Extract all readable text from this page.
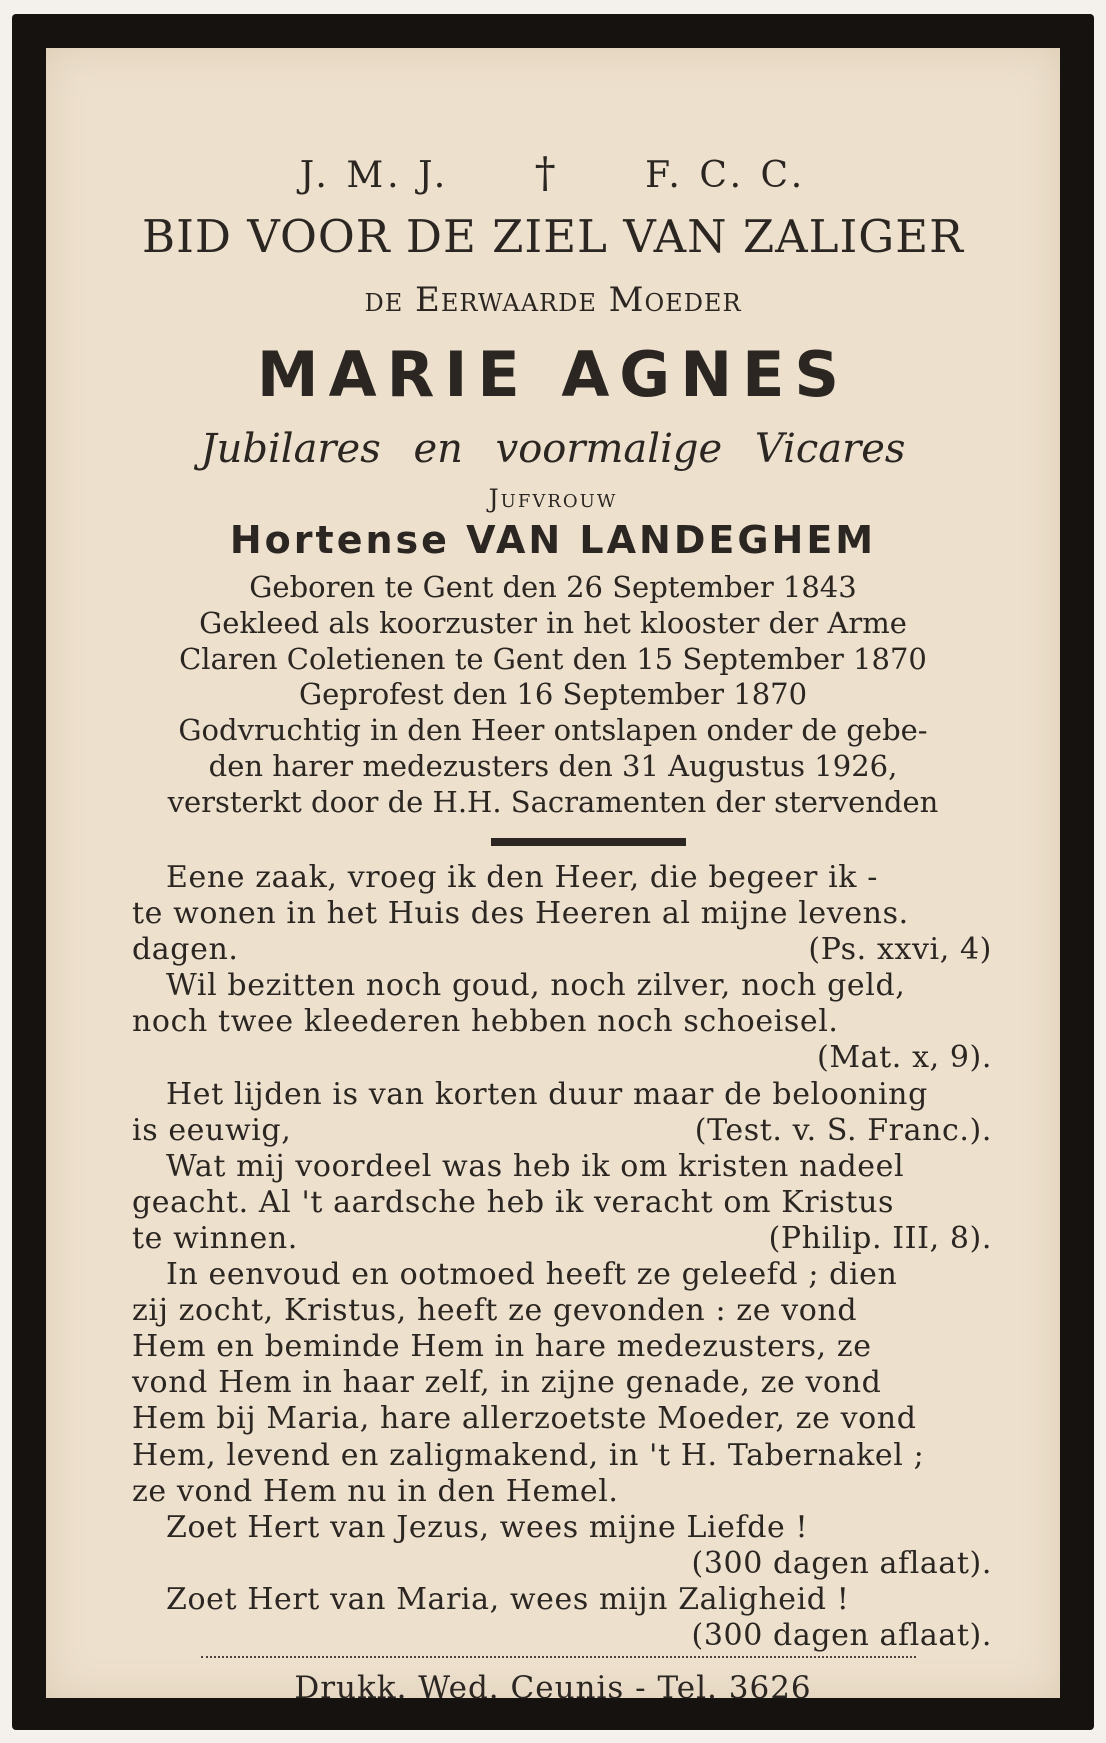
J. M. J. † F. C. C.
BID VOOR DE ZIEL VAN ZALIGER
de Eerwaarde Moeder
MARIE AGNES
Jubilares en voormalige Vicares
Jufvrouw
Hortense VAN LANDEGHEM
Geboren te Gent den 26 September 1843
Gekleed als koorzuster in het klooster der Arme
Claren Coletienen te Gent den 15 September 1870
Geprofest den 16 September 1870
Godvruchtig in den Heer ontslapen onder de gebe-
den harer medezusters den 31 Augustus 1926,
versterkt door de H.H. Sacramenten der stervenden
Eene zaak, vroeg ik den Heer, die begeer ik -
te wonen in het Huis des Heeren al mijne levens.
dagen.	(Ps. xxvi, 4)
Wil bezitten noch goud, noch zilver, noch geld,
noch twee kleederen hebben noch schoeisel.
(Mat. x, 9).
Het lijden is van korten duur maar de belooning
is eeuwig,	(Test. v. S. Franc.).
Wat mij voordeel was heb ik om kristen nadeel
geacht. Al 't aardsche heb ik veracht om Kristus
te winnen.	(Philip. III, 8).
In eenvoud en ootmoed heeft ze geleefd ; dien
zij zocht, Kristus, heeft ze gevonden : ze vond
Hem en beminde Hem in hare medezusters, ze
vond Hem in haar zelf, in zijne genade, ze vond
Hem bij Maria, hare allerzoetste Moeder, ze vond
Hem, levend en zaligmakend, in 't H. Tabernakel ;
ze vond Hem nu in den Hemel.
Zoet Hert van Jezus, wees mijne Liefde !
(300 dagen aflaat).
Zoet Hert van Maria, wees mijn Zaligheid !
(300 dagen aflaat).
Drukk. Wed. Ceunis - Tel. 3626
